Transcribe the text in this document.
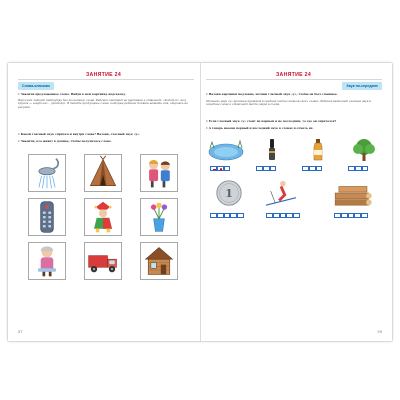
ЗАНЯТИЕ 24
Слова-ключики
• Закончи предложенное слово. Найди к нем картинку-подсказку.
Взрослый читает прибаутку без последнего слова. Ребёнок смотрит на картинки и отвечает. «Ходит по лесу кругом — зовут его… (грибом)». В тексте пропущены слова, которые ребёнок должен назвать сам, опираясь на рисунки.
• Какой гласный звук спрятался внутри слова? Назови, гласный звук «у».
• Закончи, кто живёт в домике, чтобы получилась слово.
57
ЗАНЯТИЕ 24
Звук по-середине
• Назови картинки медленно, потяни гласный звук «у», чтобы он был слышнее.
Обозначь звук «у» красным кружком в средней части схемы во всех словах. Ребёнок выделяет гласный звук в середине слова и отмечает место звука в схеме.
• Если гласный звук «у» стоит не первым и не последним, то где он спрятался?
• А теперь назови первый и последний звук в словах и отметь их.
1
59
